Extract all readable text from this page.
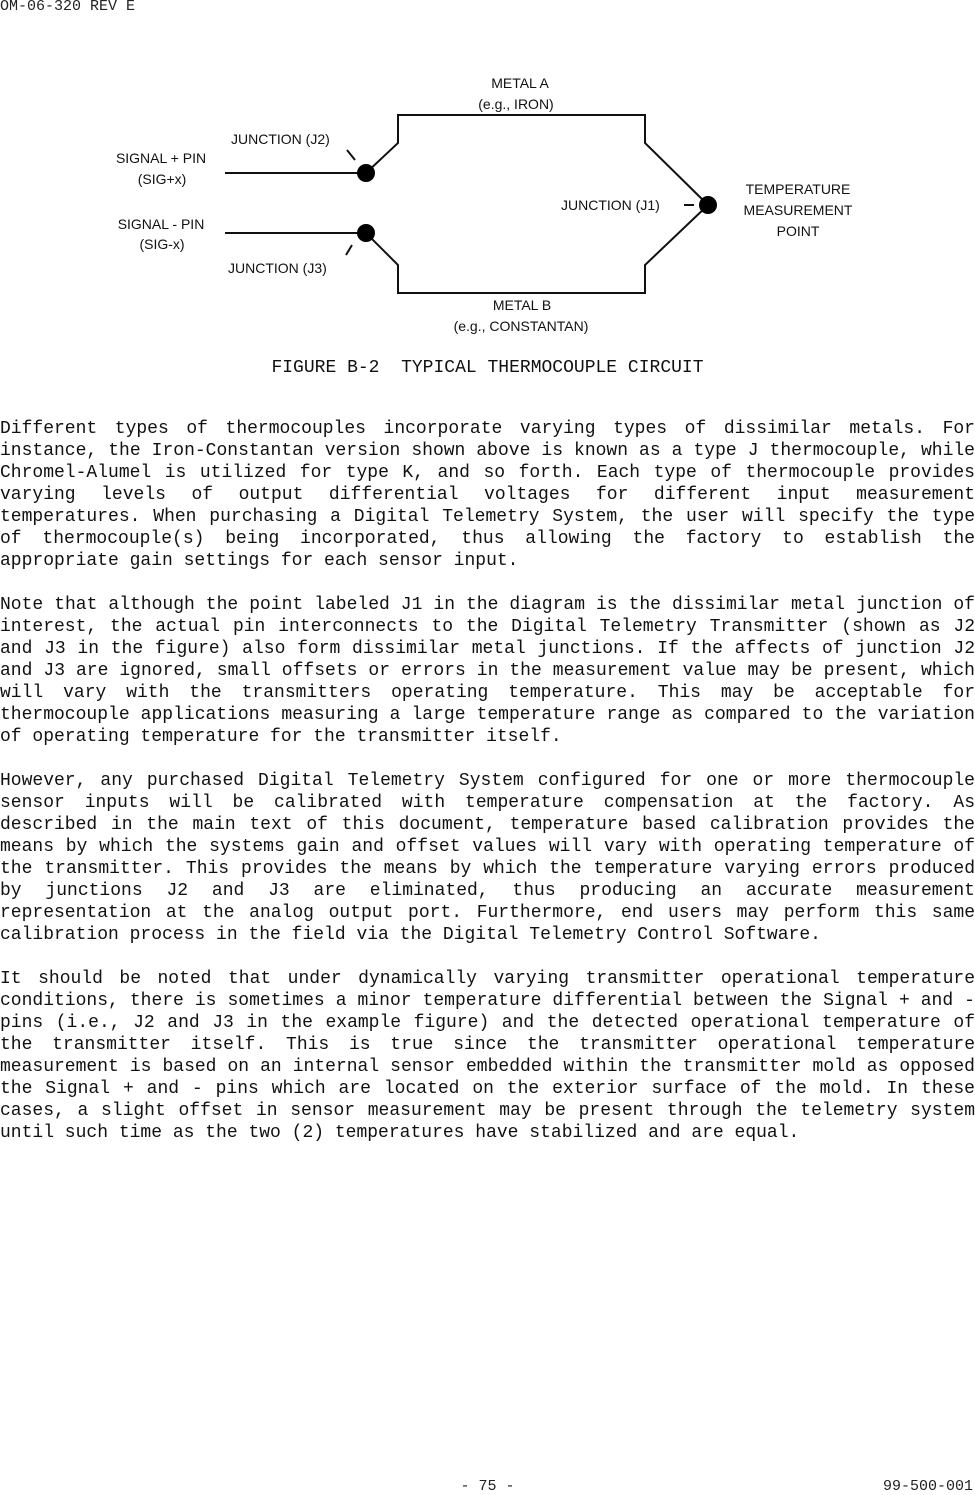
OM-06-320 REV E
METAL A
(e.g., IRON)
JUNCTION (J2)
SIGNAL + PIN
(SIG+x)
SIGNAL - PIN
(SIG-x)
JUNCTION (J3)
JUNCTION (J1)
TEMPERATURE
MEASUREMENT
POINT
METAL B
(e.g., CONSTANTAN)
FIGURE B-2  TYPICAL THERMOCOUPLE CIRCUIT

Different types of thermocouples incorporate varying types of dissimilar metals. For instance, the Iron-Constantan version shown above is known as a type J thermocouple, while Chromel-Alumel is utilized for type K, and so forth. Each type of thermocouple provides varying levels of output differential voltages for different input measurement temperatures. When purchasing a Digital Telemetry System, the user will specify the type of thermocouple(s) being incorporated, thus allowing the factory to establish the appropriate gain settings for each sensor input.

Note that although the point labeled J1 in the diagram is the dissimilar metal junction of interest, the actual pin interconnects to the Digital Telemetry Transmitter (shown as J2 and J3 in the figure) also form dissimilar metal junctions. If the affects of junction J2 and J3 are ignored, small offsets or errors in the measurement value may be present, which will vary with the transmitters operating temperature. This may be acceptable for thermocouple applications measuring a large temperature range as compared to the variation of operating temperature for the transmitter itself.

However, any purchased Digital Telemetry System configured for one or more thermocouple sensor inputs will be calibrated with temperature compensation at the factory. As described in the main text of this document, temperature based calibration provides the means by which the systems gain and offset values will vary with operating temperature of the transmitter. This provides the means by which the temperature varying errors produced by junctions J2 and J3 are eliminated, thus producing an accurate measurement representation at the analog output port. Furthermore, end users may perform this same calibration process in the field via the Digital Telemetry Control Software.

It should be noted that under dynamically varying transmitter operational temperature conditions, there is sometimes a minor temperature differential between the Signal + and - pins (i.e., J2 and J3 in the example figure) and the detected operational temperature of the transmitter itself. This is true since the transmitter operational temperature measurement is based on an internal sensor embedded within the transmitter mold as opposed the Signal + and - pins which are located on the exterior surface of the mold. In these cases, a slight offset in sensor measurement may be present through the telemetry system until such time as the two (2) temperatures have stabilized and are equal.

- 75 -	99-500-001
